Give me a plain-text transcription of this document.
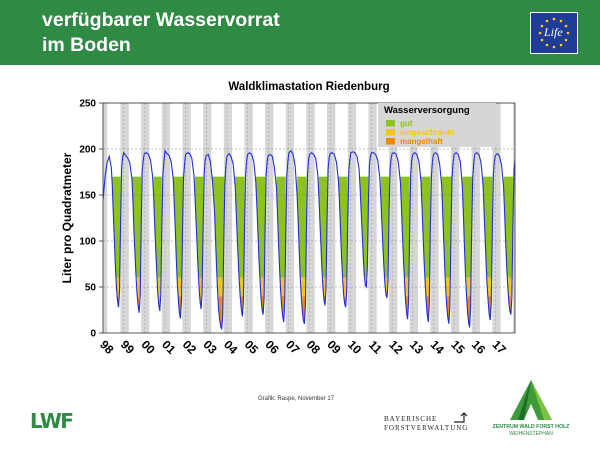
verfügbarer Wasservorrat
im Boden
Life
Waldklimastation Riedenburg
0
50
100
150
200
250
Liter pro Quadratmeter
98 99 00 01 02 03 04 05 06 07 08 09 10 11 12 13 14 15 16 17
Wasserversorgung
gut
eingeschränkt
mangelhaft
Grafik: Raspe, November 17
LWF	BAYERISCHE
FORSTVERWALTUNG	ZENTRUM WALD FORST HOLZ
WEIHENSTEPHAN
